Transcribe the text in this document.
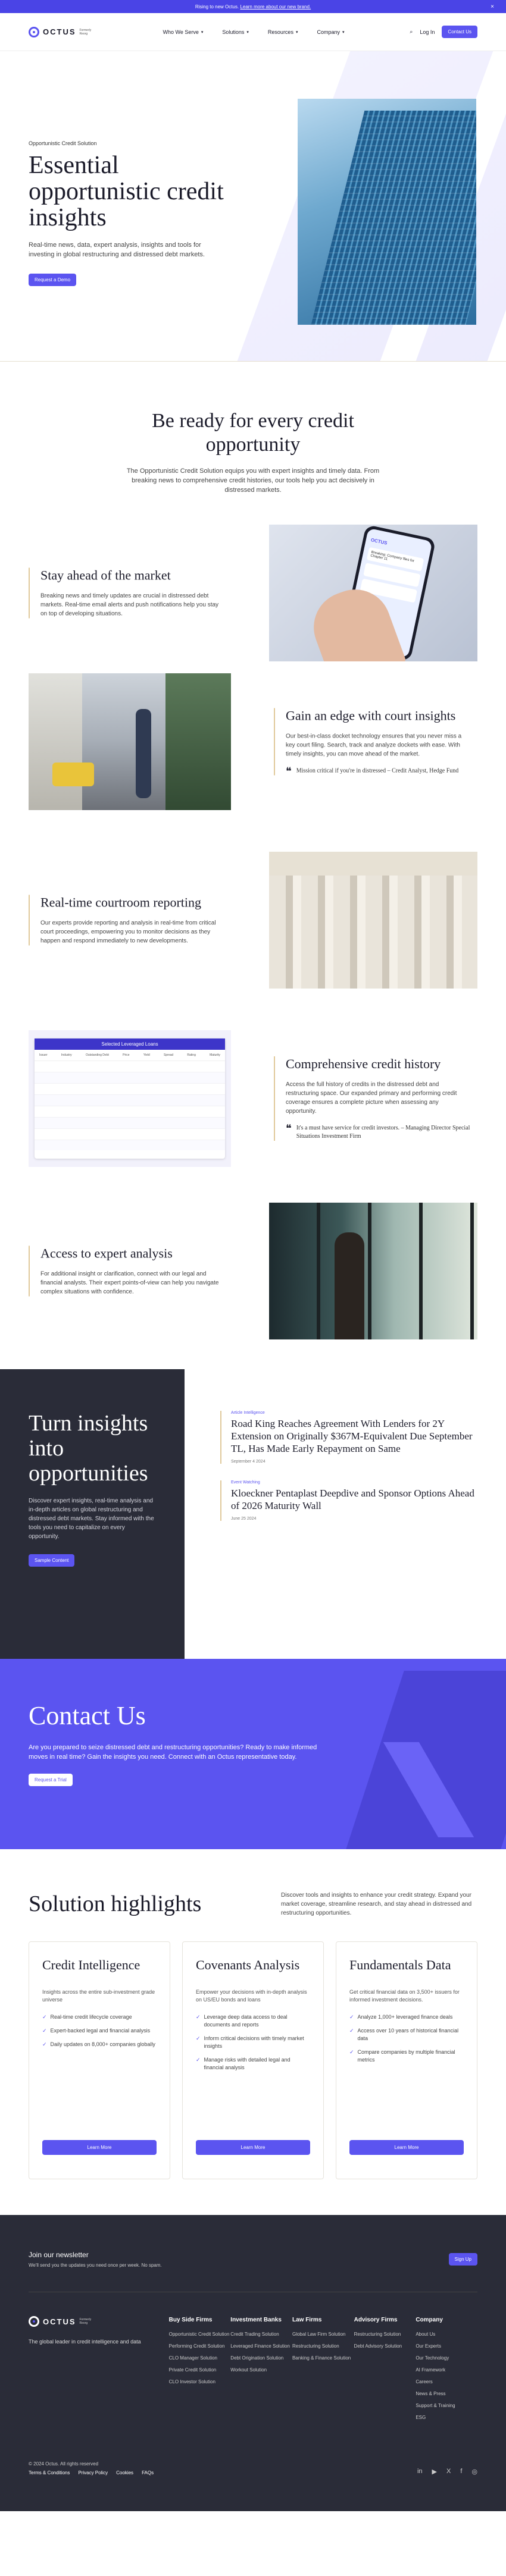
Rising to new Octus.
Learn more about our new brand.	×
OCTUS Formerly Reorg	Who We Serve ▾	Solutions ▾	Resources ▾	Company ▾	⌕ Log In	Contact Us
Opportunistic Credit Solution
Essential opportunistic credit insights

Real-time news, data, expert analysis, insights and tools for investing in global restructuring and distressed debt markets.

Request a Demo
Be ready for every credit opportunity

The Opportunistic Credit Solution equips you with expert insights and timely data. From breaking news to comprehensive credit histories, our tools help you act decisively in distressed markets.

Stay ahead of the market

Breaking news and timely updates are crucial in distressed debt markets. Real-time email alerts and push notifications help you stay on top of developing situations.

OCTUS
Breaking: Company files for Chapter 11
Gain an edge with court insights

Our best-in-class docket technology ensures that you never miss a key court filing. Search, track and analyze dockets with ease. With timely insights, you can move ahead of the market.

❝ Mission critical if you're in distressed – Credit Analyst, Hedge Fund
Real-time courtroom reporting

Our experts provide reporting and analysis in real-time from critical court proceedings, empowering you to monitor decisions as they happen and respond immediately to new developments.

Selected Leveraged Loans
Issuer	Industry	Outstanding Debt	Price	Yield	Spread	Rating	Maturity
Comprehensive credit history

Access the full history of credits in the distressed debt and restructuring space. Our expanded primary and performing credit coverage ensures a complete picture when assessing any opportunity.

❝ It's a must have service for credit investors. – Managing Director Special Situations Investment Firm
Access to expert analysis

For additional insight or clarification, connect with our legal and financial analysts. Their expert points-of-view can help you navigate complex situations with confidence.

Turn insights into opportunities

Discover expert insights, real-time analysis and in-depth articles on global restructuring and distressed debt markets. Stay informed with the tools you need to capitalize on every opportunity.

Sample Content
Article Intelligence
Road King Reaches Agreement With Lenders for 2Y Extension on Originally $367M-Equivalent Due September TL, Has Made Early Repayment on Same
September 4 2024
Event Watching
Kloeckner Pentaplast Deepdive and Sponsor Options Ahead of 2026 Maturity Wall
June 25 2024
Contact Us

Are you prepared to seize distressed debt and restructuring opportunities? Ready to make informed moves in real time? Gain the insights you need. Connect with an Octus representative today.

Request a Trial
Solution highlights	Discover tools and insights to enhance your credit strategy. Expand your market coverage, streamline research, and stay ahead in distressed and restructuring opportunities.

Credit Intelligence

Insights across the entire sub-investment grade universe

✓ Real-time credit lifecycle coverage
✓ Expert-backed legal and financial analysis
✓ Daily updates on 8,000+ companies globally
Learn More
Covenants Analysis

Empower your decisions with in-depth analysis on US/EU bonds and loans

✓ Leverage deep data access to deal documents and reports
✓ Inform critical decisions with timely market insights
✓ Manage risks with detailed legal and financial analysis
Learn More
Fundamentals Data

Get critical financial data on 3,500+ issuers for informed investment decisions.

✓ Analyze 1,000+ leveraged finance deals
✓ Access over 10 years of historical financial data
✓ Compare companies by multiple financial metrics
Learn More
Join our newsletter

We'll send you the updates you need once per week. No spam.

Sign Up
OCTUS Formerly Reorg

The global leader in credit intelligence and data

Buy Side Firms
Opportunistic Credit Solution
Performing Credit Solution
CLO Manager Solution
Private Credit Solution
CLO Investor Solution
Investment Banks
Credit Trading Solution
Leveraged Finance Solution
Debt Origination Solution
Workout Solution
Law Firms
Global Law Firm Solution
Restructuring Solution
Banking & Finance Solution
Advisory Firms
Restructuring Solution
Debt Advisory Solution
Company
About Us
Our Experts
Our Technology
AI Framework
Careers
News & Press
Support & Training
ESG
© 2024 Octus. All rights reserved
Terms & Conditions Privacy Policy Cookies FAQs	in ▶ X f ◎
